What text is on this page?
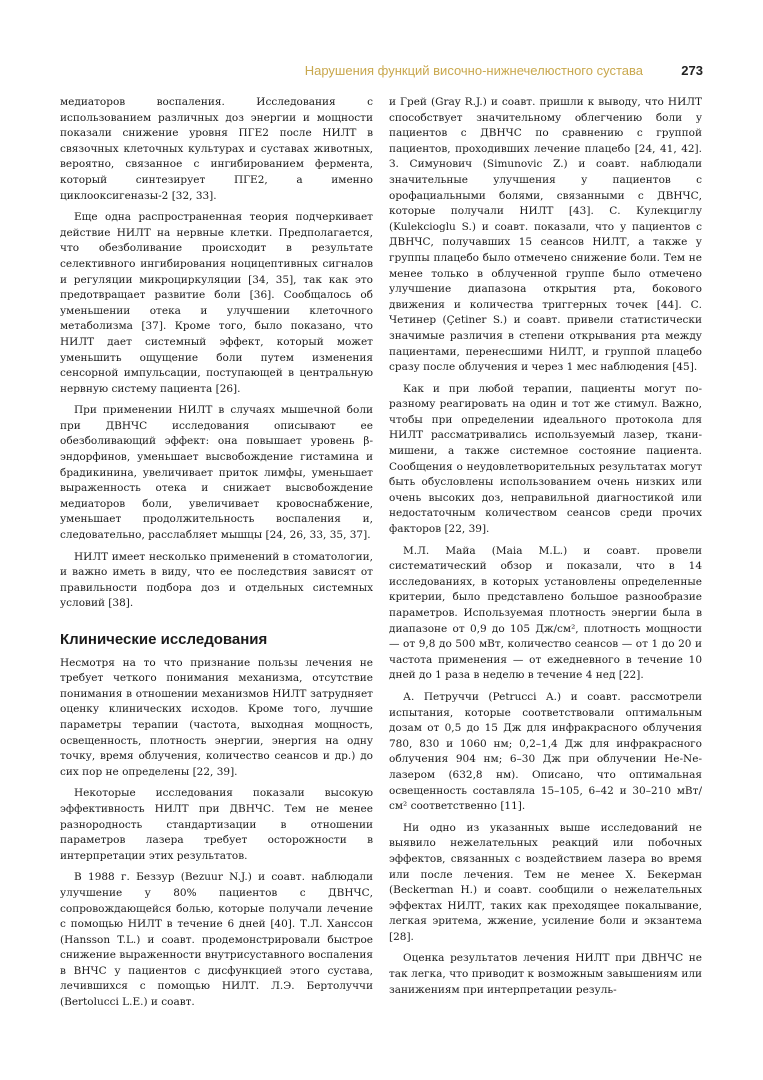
Нарушения функций височно-нижнечелюстного сустава	273

медиаторов воспаления. Исследования с использованием различных доз энергии и мощности показали снижение уровня ПГЕ2 после НИЛТ в связочных клеточных культурах и суставах животных, вероятно, связанное с ингибированием фермента, который синтезирует ПГЕ2, а именно циклооксигеназы-2 [32, 33].

Еще одна распространенная теория подчеркивает действие НИЛТ на нервные клетки. Предполагается, что обезболивание происходит в результате селективного ингибирования ноцицептивных сигналов и регуляции микроциркуляции [34, 35], так как это предотвращает развитие боли [36]. Сообщалось об уменьшении отека и улучшении клеточного метаболизма [37]. Кроме того, было показано, что НИЛТ дает системный эффект, который может уменьшить ощущение боли путем изменения сенсорной импульсации, поступающей в центральную нервную систему пациента [26].

При применении НИЛТ в случаях мышечной боли при ДВНЧС исследования описывают ее обезболивающий эффект: она повышает уровень β-эндорфинов, уменьшает высвобождение гистамина и брадикинина, увеличивает приток лимфы, уменьшает выраженность отека и снижает высвобождение медиаторов боли, увеличивает кровоснабжение, уменьшает продолжительность воспаления и, следовательно, расслабляет мышцы [24, 26, 33, 35, 37].

НИЛТ имеет несколько применений в стоматологии, и важно иметь в виду, что ее последствия зависят от правильности подбора доз и отдельных системных условий [38].

Клинические исследования

Несмотря на то что признание пользы лечения не требует четкого понимания механизма, отсутствие понимания в отношении механизмов НИЛТ затрудняет оценку клинических исходов. Кроме того, лучшие параметры терапии (частота, выходная мощность, освещенность, плотность энергии, энергия на одну точку, время облучения, количество сеансов и др.) до сих пор не определены [22, 39].

Некоторые исследования показали высокую эффективность НИЛТ при ДВНЧС. Тем не менее разнородность стандартизации в отношении параметров лазера требует осторожности в интерпретации этих результатов.

В 1988 г. Беззур (Bezuur N.J.) и соавт. наблюдали улучшение у 80% пациентов с ДВНЧС, сопровождающейся болью, которые получали лечение с помощью НИЛТ в течение 6 дней [40]. Т.Л. Ханссон (Hansson T.L.) и соавт. продемонстрировали быстрое снижение выраженности внутрисуставного воспаления в ВНЧС у пациентов с дисфункцией этого сустава, лечившихся с помощью НИЛТ. Л.Э. Бертолуччи (Bertolucci L.E.) и соавт.

и Грей (Gray R.J.) и соавт. пришли к выводу, что НИЛТ способствует значительному облегчению боли у пациентов с ДВНЧС по сравнению с группой пациентов, проходивших лечение плацебо [24, 41, 42]. З. Симунович (Simunovic Z.) и соавт. наблюдали значительные улучшения у пациентов с орофациальными болями, связанными с ДВНЧС, которые получали НИЛТ [43]. С. Кулекциглу (Kulekcioglu S.) и соавт. показали, что у пациентов с ДВНЧС, получавших 15 сеансов НИЛТ, а также у группы плацебо было отмечено снижение боли. Тем не менее только в облученной группе было отмечено улучшение диапазона открытия рта, бокового движения и количества триггерных точек [44]. С. Четинер (Çetiner S.) и соавт. привели статистически значимые различия в степени открывания рта между пациентами, перенесшими НИЛТ, и группой плацебо сразу после облучения и через 1 мес наблюдения [45].

Как и при любой терапии, пациенты могут по-разному реагировать на один и тот же стимул. Важно, чтобы при определении идеального протокола для НИЛТ рассматривались используемый лазер, ткани-мишени, а также системное состояние пациента. Сообщения о неудовлетворительных результатах могут быть обусловлены использованием очень низких или очень высоких доз, неправильной диагностикой или недостаточным количеством сеансов среди прочих факторов [22, 39].

М.Л. Майа (Maia M.L.) и соавт. провели систематический обзор и показали, что в 14 исследованиях, в которых установлены определенные критерии, было представлено большое разнообразие параметров. Используемая плотность энергии была в диапазоне от 0,9 до 105 Дж/см², плотность мощности — от 9,8 до 500 мВт, количество сеансов — от 1 до 20 и частота применения — от ежедневного в течение 10 дней до 1 раза в неделю в течение 4 нед [22].

А. Петруччи (Petrucci A.) и соавт. рассмотрели испытания, которые соответствовали оптимальным дозам от 0,5 до 15 Дж для инфракрасного облучения 780, 830 и 1060 нм; 0,2–1,4 Дж для инфракрасного облучения 904 нм; 6–30 Дж при облучении He-Ne-лазером (632,8 нм). Описано, что оптимальная освещенность составляла 15–105, 6–42 и 30–210 мВт/см² соответственно [11].

Ни одно из указанных выше исследований не выявило нежелательных реакций или побочных эффектов, связанных с воздействием лазера во время или после лечения. Тем не менее Х. Бекерман (Beckerman H.) и соавт. сообщили о нежелательных эффектах НИЛТ, таких как преходящее покалывание, легкая эритема, жжение, усиление боли и экзантема [28].

Оценка результатов лечения НИЛТ при ДВНЧС не так легка, что приводит к возможным завышениям или занижениям при интерпретации резуль-
